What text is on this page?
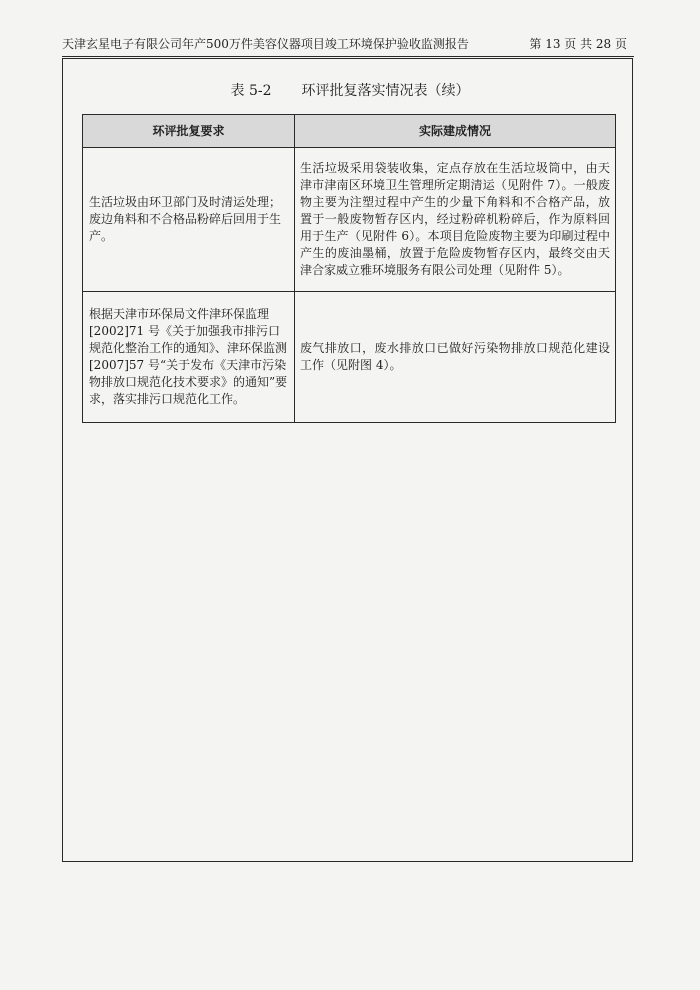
天津玄星电子有限公司年产500万件美容仪器项目竣工环境保护验收监测报告	第 13 页 共 28 页
表 5-2 环评批复落实情况表（续）
环评批复要求	实际建成情况
生活垃圾由环卫部门及时清运处理；废边角料和不合格品粉碎后回用于生产。	生活垃圾采用袋装收集，定点存放在生活垃圾筒中，由天津市津南区环境卫生管理所定期清运（见附件 7）。一般废物主要为注塑过程中产生的少量下角料和不合格产品，放置于一般废物暂存区内，经过粉碎机粉碎后，作为原料回用于生产（见附件 6）。本项目危险废物主要为印刷过程中产生的废油墨桶，放置于危险废物暂存区内，最终交由天津合家威立雅环境服务有限公司处理（见附件 5）。
根据天津市环保局文件津环保监理[2002]71 号《关于加强我市排污口规范化整治工作的通知》、津环保监测[2007]57 号“关于发布《天津市污染物排放口规范化技术要求》的通知”要求，落实排污口规范化工作。	废气排放口，废水排放口已做好污染物排放口规范化建设工作（见附图 4）。
